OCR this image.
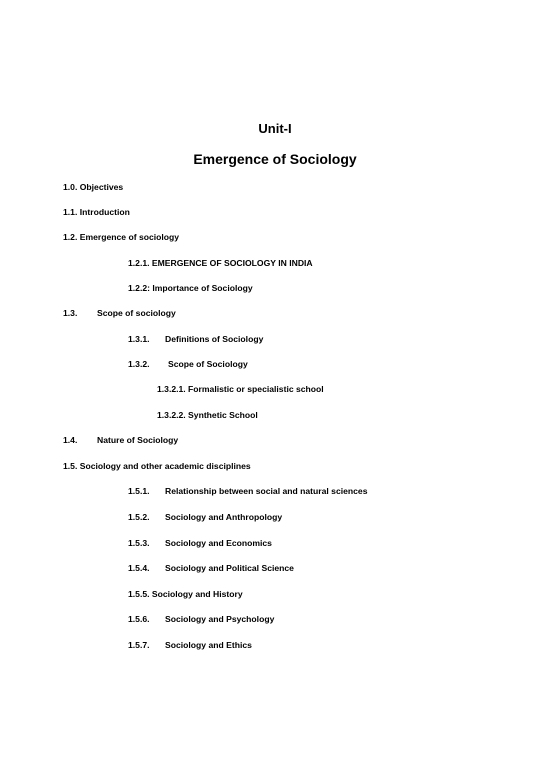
Unit-I
Emergence of Sociology
1.0. Objectives
1.1. Introduction
1.2. Emergence of sociology
1.2.1. EMERGENCE OF SOCIOLOGY IN INDIA
1.2.2: Importance of Sociology
1.3. Scope of sociology
1.3.1. Definitions of Sociology
1.3.2. Scope of Sociology
1.3.2.1. Formalistic or specialistic school
1.3.2.2. Synthetic School
1.4. Nature of Sociology
1.5. Sociology and other academic disciplines
1.5.1. Relationship between social and natural sciences
1.5.2. Sociology and Anthropology
1.5.3. Sociology and Economics
1.5.4. Sociology and Political Science
1.5.5. Sociology and History
1.5.6. Sociology and Psychology
1.5.7. Sociology and Ethics
